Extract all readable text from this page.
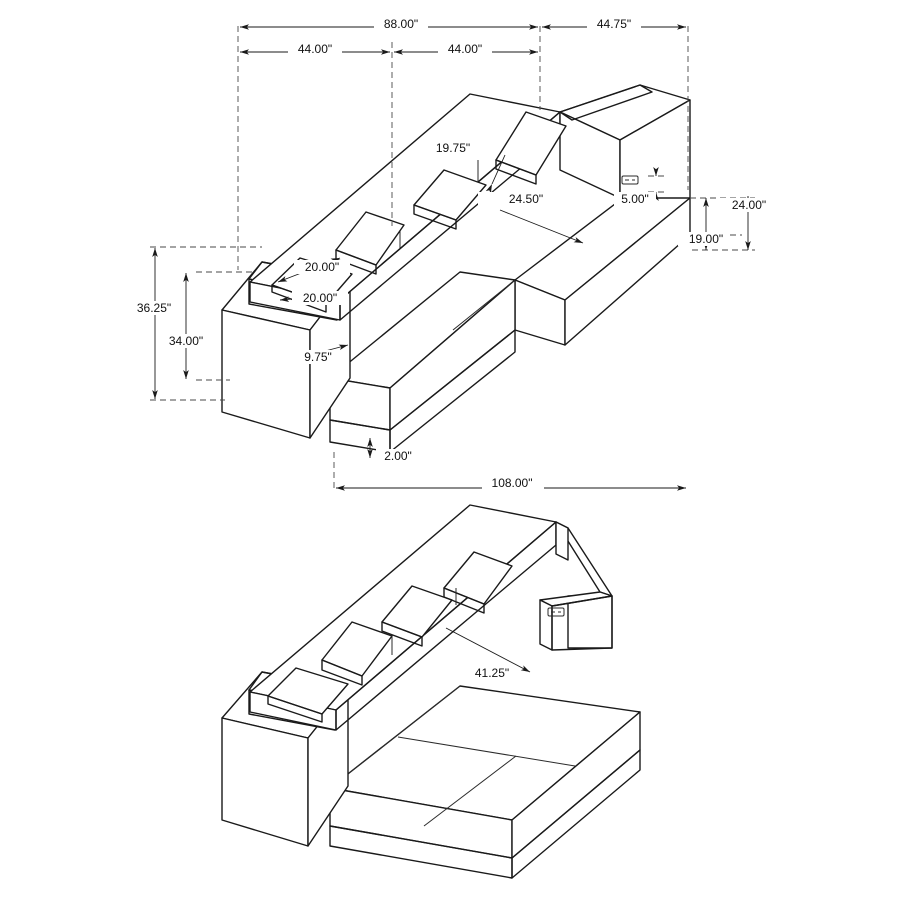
88.00"	44.75"
44.00"	44.00"
19.75"
5.00"
24.50"	24.00"
19.00"
20.00"
20.00"
36.25"
34.00"
9.75"
2.00"
108.00"
41.25"
